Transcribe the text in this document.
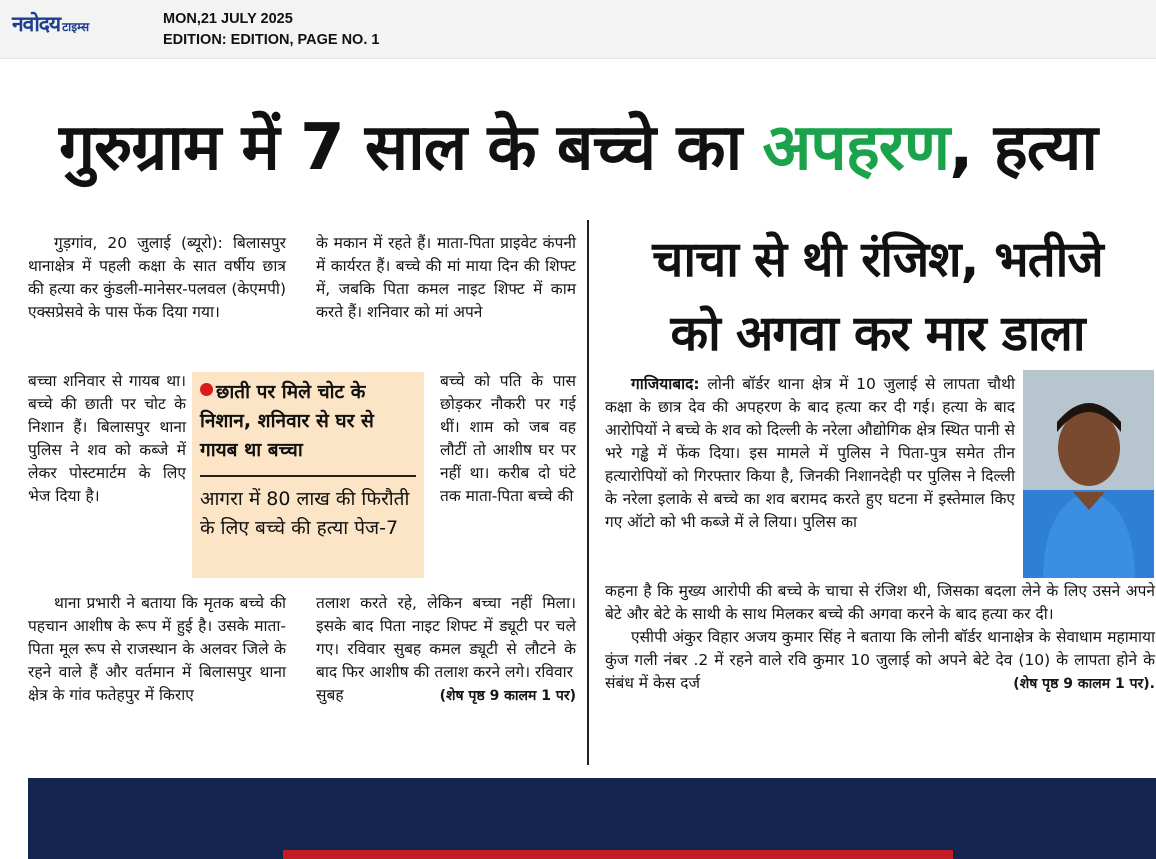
नवोदय टाइम्स	MON,21 JULY 2025
EDITION: EDITION, PAGE NO. 1
गुरुग्राम में 7 साल के बच्चे का अपहरण, हत्या

गुड़गांव, 20 जुलाई (ब्यूरो): बिलासपुर थानाक्षेत्र में पहली कक्षा के सात वर्षीय छात्र की हत्या कर कुंडली-मानेसर-पलवल (केएमपी) एक्सप्रेसवे के पास फेंक दिया गया।

बच्चा शनिवार से गायब था। बच्चे की छाती पर चोट के निशान हैं। बिलासपुर थाना पुलिस ने शव को कब्जे में लेकर पोस्टमार्टम के लिए भेज दिया है।

थाना प्रभारी ने बताया कि मृतक बच्चे की पहचान आशीष के रूप में हुई है। उसके माता-पिता मूल रूप से राजस्थान के अलवर जिले के रहने वाले हैं और वर्तमान में बिलासपुर थाना क्षेत्र के गांव फतेहपुर में किराए

के मकान में रहते हैं। माता-पिता प्राइवेट कंपनी में कार्यरत हैं। बच्चे की मां माया दिन की शिफ्ट में, जबकि पिता कमल नाइट शिफ्ट में काम करते हैं। शनिवार को मां अपने

बच्चे को पति के पास छोड़कर नौकरी पर गई थीं। शाम को जब वह लौटीं तो आशीष घर पर नहीं था। करीब दो घंटे तक माता-पिता बच्चे की

तलाश करते रहे, लेकिन बच्चा नहीं मिला। इसके बाद पिता नाइट शिफ्ट में ड्यूटी पर चले गए। रविवार सुबह कमल ड्यूटी से लौटने के बाद फिर आशीष की तलाश करने लगे। रविवार

सुबह	(शेष पृष्ठ 9 कालम 1 पर)
छाती पर मिले चोट के निशान, शनिवार से घर से गायब था बच्चा
आगरा में 80 लाख की फिरौती के लिए बच्चे की हत्या पेज-7
चाचा से थी रंजिश, भतीजे
को अगवा कर मार डाला

गाजियाबाद: लोनी बॉर्डर थाना क्षेत्र में 10 जुलाई से लापता चौथी कक्षा के छात्र देव की अपहरण के बाद हत्या कर दी गई। हत्या के बाद आरोपियों ने बच्चे के शव को दिल्ली के नरेला औद्योगिक क्षेत्र स्थित पानी से भरे गड्ढे में फेंक दिया। इस मामले में पुलिस ने पिता-पुत्र समेत तीन हत्यारोपियों को गिरफ्तार किया है, जिनकी निशानदेही पर पुलिस ने दिल्ली के नरेला इलाके से बच्चे का शव बरामद करते हुए घटना में इस्तेमाल किए गए ऑटो को भी कब्जे में ले लिया। पुलिस का

कहना है कि मुख्य आरोपी की बच्चे के चाचा से रंजिश थी, जिसका बदला लेने के लिए उसने अपने बेटे और बेटे के साथी के साथ मिलकर बच्चे की अगवा करने के बाद हत्या कर दी।

एसीपी अंकुर विहार अजय कुमार सिंह ने बताया कि लोनी बॉर्डर थानाक्षेत्र के सेवाधाम महामाया कुंज गली नंबर .2 में रहने वाले रवि कुमार 10 जुलाई को अपने बेटे देव (10) के लापता होने के संबंध में केस दर्ज	(शेष पृष्ठ 9 कालम 1 पर).
